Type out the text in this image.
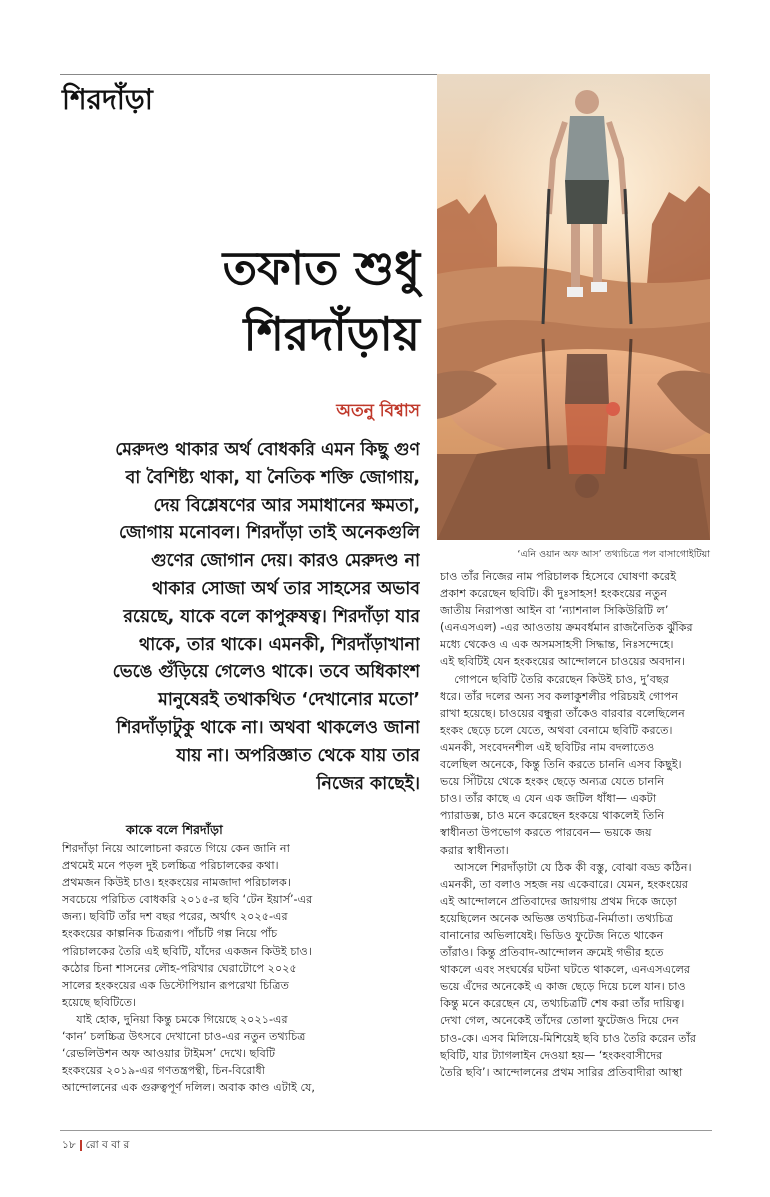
শিরদাঁড়া
তফাত শুধু
শিরদাঁড়ায়
অতনু বিশ্বাস
মেরুদণ্ড থাকার অর্থ বোধকরি এমন কিছু গুণ
বা বৈশিষ্ট্য থাকা, যা নৈতিক শক্তি জোগায়,
দেয় বিশ্লেষণের আর সমাধানের ক্ষমতা,
জোগায় মনোবল। শিরদাঁড়া তাই অনেকগুলি
গুণের জোগান দেয়। কারও মেরুদণ্ড না
থাকার সোজা অর্থ তার সাহসের অভাব
রয়েছে, যাকে বলে কাপুরুষত্ব। শিরদাঁড়া যার
থাকে, তার থাকে। এমনকী, শিরদাঁড়াখানা
ভেঙে গুঁড়িয়ে গেলেও থাকে। তবে অধিকাংশ
মানুষেরই তথাকথিত ‘দেখানোর মতো’
শিরদাঁড়াটুকু থাকে না। অথবা থাকলেও জানা
যায় না। অপরিজ্ঞাত থেকে যায় তার
নিজের কাছেই।
‘এনি ওয়ান অফ আস’ তথ্যচিত্রে পল বাসাগোইটিয়া
চাও তাঁর নিজের নাম পরিচালক হিসেবে ঘোষণা করেই
প্রকাশ করেছেন ছবিটি। কী দুঃসাহস! হংকংয়ের নতুন
জাতীয় নিরাপত্তা আইন বা ‘ন্যাশনাল সিকিউরিটি ল’
(এনএসএল) -এর আওতায় ক্রমবর্ধমান রাজনৈতিক ঝুঁকির
মধ্যে থেকেও এ এক অসমসাহসী সিদ্ধান্ত, নিঃসন্দেহে।
এই ছবিটিই যেন হংকংয়ের আন্দোলনে চাওয়ের অবদান।
গোপনে ছবিটি তৈরি করেছেন কিউই চাও, দু’বছর
ধরে। তাঁর দলের অন্য সব কলাকুশলীর পরিচয়ই গোপন
রাখা হয়েছে। চাওয়ের বন্ধুরা তাঁকেও বারবার বলেছিলেন
হংকং ছেড়ে চলে যেতে, অথবা বেনামে ছবিটি করতে।
এমনকী, সংবেদনশীল এই ছবিটির নাম বদলাতেও
বলেছিল অনেকে, কিন্তু তিনি করতে চাননি এসব কিছুই।
ভয়ে সিঁটিয়ে থেকে হংকং ছেড়ে অন্যত্র যেতে চাননি
চাও। তাঁর কাছে এ যেন এক জটিল ধাঁধা— একটা
প্যারাডক্স, চাও মনে করেছেন হংকয়ে থাকলেই তিনি
স্বাধীনতা উপভোগ করতে পারবেন— ভয়কে জয়
করার স্বাধীনতা।
আসলে শিরদাঁড়াটা যে ঠিক কী বস্তু, বোঝা বড্ড কঠিন।
এমনকী, তা বলাও সহজ নয় একেবারে। যেমন, হংকংয়ের
এই আন্দোলনে প্রতিবাদের জায়গায় প্রথম দিকে জড়ো
হয়েছিলেন অনেক অভিজ্ঞ তথ্যচিত্র-নির্মাতা। তথ্যচিত্র
বানানোর অভিলাষেই। ভিডিও ফুটেজ নিতে থাকেন
তাঁরাও। কিন্তু প্রতিবাদ-আন্দোলন ক্রমেই গভীর হতে
থাকলে এবং সংঘর্ষের ঘটনা ঘটতে থাকলে, এনএসএলের
ভয়ে এঁদের অনেকেই এ কাজ ছেড়ে দিয়ে চলে যান। চাও
কিন্তু মনে করেছেন যে, তথ্যচিত্রটি শেষ করা তাঁর দায়িত্ব।
দেখা গেল, অনেকেই তাঁদের তোলা ফুটেজও দিয়ে দেন
চাও-কে। এসব মিলিয়ে-মিশিয়েই ছবি চাও তৈরি করেন তাঁর
ছবিটি, যার ট্যাগলাইন দেওয়া হয়— ‘হংকংবাসীদের
তৈরি ছবি’। আন্দোলনের প্রথম সারির প্রতিবাদীরা আস্থা
কাকে বলে শিরদাঁড়া
শিরদাঁড়া নিয়ে আলোচনা করতে গিয়ে কেন জানি না
প্রথমেই মনে পড়ল দুই চলচ্চিত্র পরিচালকের কথা।
প্রথমজন কিউই চাও। হংকংয়ের নামজাদা পরিচালক।
সবচেয়ে পরিচিত বোধকরি ২০১৫-র ছবি ‘টেন ইয়ার্স’-এর
জন্য। ছবিটি তাঁর দশ বছর পরের, অর্থাৎ ২০২৫-এর
হংকংয়ের কাল্পনিক চিত্ররূপ। পাঁচটি গল্প নিয়ে পাঁচ
পরিচালকের তৈরি এই ছবিটি, যাঁদের একজন কিউই চাও।
কঠোর চিনা শাসনের লৌহ-পরিখার ঘেরাটোপে ২০২৫
সালের হংকংয়ের এক ডিস্টোপিয়ান রূপরেখা চিত্রিত
হয়েছে ছবিটিতে।
যাই হোক, দুনিয়া কিন্তু চমকে গিয়েছে ২০২১-এর
‘কান’ চলচ্চিত্র উৎসবে দেখানো চাও-এর নতুন তথ্যচিত্র
‘রেভলিউশন অফ আওয়ার টাইমস’ দেখে। ছবিটি
হংকংয়ের ২০১৯-এর গণতন্ত্রপন্থী, চিন-বিরোধী
আন্দোলনের এক গুরুত্বপূর্ণ দলিল। অবাক কাণ্ড এটাই যে,
১৮ রো ব বা র
